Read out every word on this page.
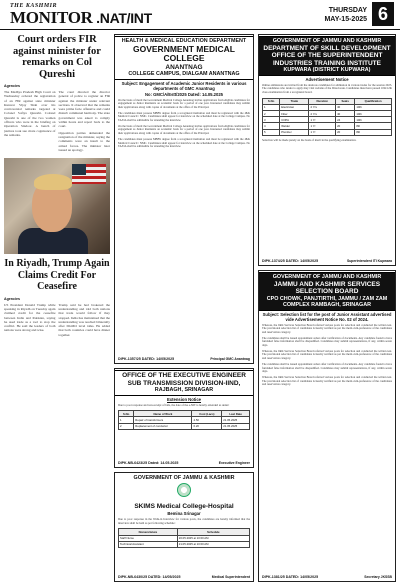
THE KASHMIR
MONITOR .NAT/INT	THURSDAY
MAY-15-2025 6
Court orders FIR against minister for remarks on Col Qureshi
Agencies
The Madhya Pradesh High Court on Wednesday ordered the registration of an FIR against state minister Kunwar Vijay Shah over his controversial remarks targeted at Colonel Sofiya Qureshi. Colonel Qureshi is one of the two women officers who were in the briefing on Operation Sindoor. A bench of justices took suo motu cognisance of the remarks.
The court directed the director general of police to register an FIR against the minister under relevant sections. It observed that the remarks were prima facie offensive and could disturb communal harmony. The state government was asked to comply within hours and report back to the court.
Opposition parties demanded the resignation of the minister, saying the comments were an insult to the armed forces. The minister later issued an apology.
In Riyadh, Trump Again Claims Credit For Ceasefire
Agencies
US President Donald Trump while speaking in Riyadh on Tuesday again claimed credit for the ceasefire between India and Pakistan, saying he used trade as a tool to stop the conflict. He said the leaders of both nations were strong and wise.
Trump said he had brokered the understanding and told both nations that trade would follow if they stopped. India has maintained that the understanding was reached bilaterally after DGMO level talks. He added that both countries could have dinner together.
HEALTH & MEDICAL EDUCATION DEPARTMENT
GOVERNMENT MEDICAL COLLEGE
ANANTNAG
COLLEGE CAMPUS, DIALGAM ANANTNAG
Subject: Engagement of Academic Junior Residents in various departments of GMC Anantnag
No: GMC/A/Estt/2025 Dated: 14.05.2025
On the basis of merit the Government Medical College Anantnag invites applications from eligible candidates for engagement as Junior Residents on academic basis for a period of one year. Interested candidates may submit their applications along with copies of documents at the office of the Principal.
The candidates must possess MBBS degree from a recognized institution and must be registered with the J&K Medical Council / NMC. Candidates shall appear for interview on the scheduled date at the College Campus. No TA/DA shall be admissible for attending the interview.
On the basis of merit the Government Medical College Anantnag invites applications from eligible candidates for engagement as Junior Residents on academic basis for a period of one year. Interested candidates may submit their applications along with copies of documents at the office of the Principal.
The candidates must possess MBBS degree from a recognized institution and must be registered with the J&K Medical Council / NMC. Candidates shall appear for interview on the scheduled date at the College Campus. No TA/DA shall be admissible for attending the interview.
DIPK-1357/25 DATED: 14/05/2025	Principal GMC Anantnag
GOVERNMENT OF JAMMU AND KASHMIR
DEPARTMENT OF SKILL DEVELOPMENT
OFFICE OF THE SUPERINTENDENT
INDUSTRIES TRAINING INSTITUTE
KUPWARA (DISTRICT KUPWARA)
Advertisement Notice
Online admissions are invited from the desirous candidates for admission in various trades for the session 2025. The candidates who desire to apply may visit website of the Directorate. Candidates must have passed 10th/12th class examination from a recognized board.
S.No	Trade	Duration	Seats	Qualification
1	Electrician	2 Yrs	40	10th
2	Fitter	2 Yrs	40	10th
3	COPA	1 Yr	24	10th
4	Welder	1 Yr	20	8th
5	Plumber	1 Yr	20	8th
Selection will be made purely on the basis of merit in the qualifying examination.
DIPK-1374/25 DATED: 14/05/2025	Superintendent ITI Kupwara
GOVERNMENT OF JAMMU AND KASHMIR
JAMMU AND KASHMIR SERVICES
SELECTION BOARD
CPO CHOWK, PANJTIRTHI, JAMMU / ZAM ZAM COMPLEX RAMBAGH, SRINAGAR
Subject: Selection list for the post of Junior Assistant advertised vide Advertisement Notice No. 02 of 2024.
Whereas, the J&K Services Selection Board referred various posts for selection and conducted the written test. The provisional selection list of candidates is hereby notified as per the merit-cum-preference of the candidates and reservation category.
The candidates shall be issued appointment orders after verification of documents. Any candidate found to have furnished false information shall be disqualified. Candidates may submit representations, if any, within seven days.
Whereas, the J&K Services Selection Board referred various posts for selection and conducted the written test. The provisional selection list of candidates is hereby notified as per the merit-cum-preference of the candidates and reservation category.
The candidates shall be issued appointment orders after verification of documents. Any candidate found to have furnished false information shall be disqualified. Candidates may submit representations, if any, within seven days.
Whereas, the J&K Services Selection Board referred various posts for selection and conducted the written test. The provisional selection list of candidates is hereby notified as per the merit-cum-preference of the candidates and reservation category.
DIPK-1381/25 DATED: 14/05/2025	Secretary JKSSB
OFFICE OF THE EXECUTIVE ENGINEER
SUB TRANSMISSION DIVISION-IIND,
RAJBAGH, SRINAGAR
Extension Notice
Due to poor response and non-receipt of bids, the date of the e-NIT is hereby extended as under:
S.No	Name of Work	Cost (Lacs)	Last Date
1	Repair of transformers	4.50	21.05.2025
2	Replacement of conductor	6.20	21.05.2025
DIPK-NB-6423/25 Dated: 14.05.2025	Executive Engineer
GOVERNMENT OF JAMMU & KASHMIR
SKIMS Medical College-Hospital
Bemina Srinagar
Due to poor response in the Walk-in Interview for various posts, the candidates are hereby informed that the interview shall be held as per following schedule:
Nomenclature	Schedule
Staff Nurse	20.05.2025 at 10:00 AM
Technical Assistant	21.05.2025 at 10:00 AM
DIPK-NB-6430/25 DATED: 14/05/2025	Medical Superintendent
